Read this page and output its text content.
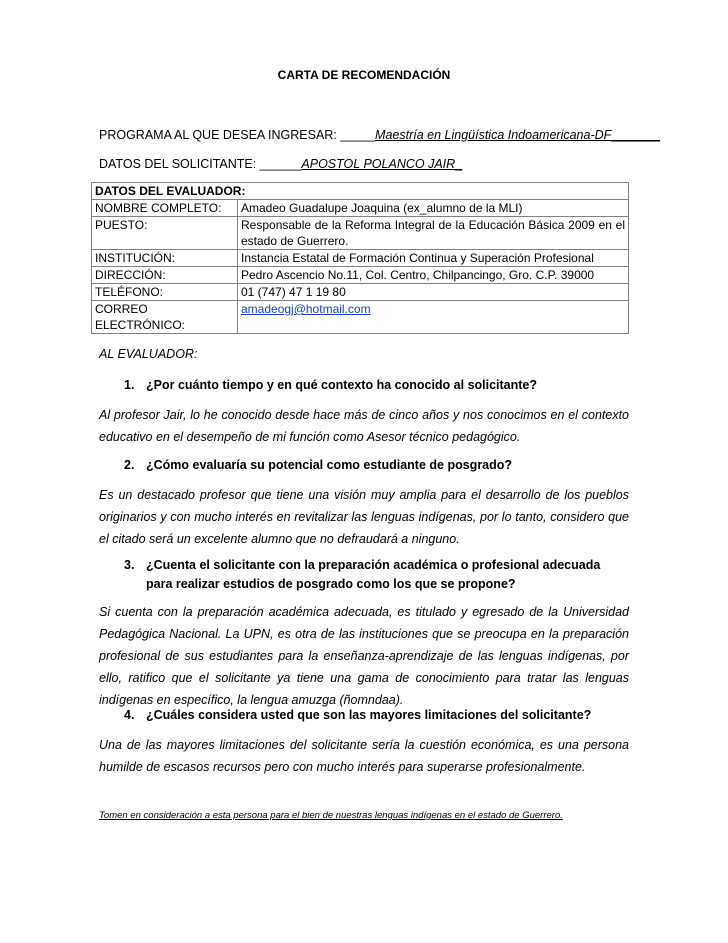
CARTA DE RECOMENDACIÓN
PROGRAMA AL QUE DESEA INGRESAR: _____Maestría en Lingüística Indoamericana-DF_______
DATOS DEL SOLICITANTE: ______APOSTOL POLANCO JAIR_
DATOS DEL EVALUADOR:	
NOMBRE COMPLETO:	Amadeo Guadalupe Joaquina (ex_alumno de la MLI)
PUESTO:	Responsable de la Reforma Integral de la Educación Básica 2009 en el estado de Guerrero.
INSTITUCIÓN:	Instancia Estatal de Formación Continua y Superación Profesional
DIRECCIÓN:	Pedro Ascencio No.11, Col. Centro, Chilpancingo, Gro. C.P. 39000
TELÉFONO:	01 (747) 47 1 19 80
CORREO ELECTRÓNICO:	amadeogj@hotmail.com
AL EVALUADOR:
1. ¿Por cuánto tiempo y en qué contexto ha conocido al solicitante?
Al profesor Jair, lo he conocido desde hace más de cinco años y nos conocimos en el contexto educativo en el desempeño de mi función como Asesor técnico pedagógico.
2. ¿Cómo evaluaría su potencial como estudiante de posgrado?
Es un destacado profesor que tiene una visión muy amplia para el desarrollo de los pueblos originarios y con mucho interés en revitalizar las lenguas indígenas, por lo tanto, considero que el citado será un excelente alumno que no defraudará a ninguno.
3. ¿Cuenta el solicitante con la preparación académica o profesional adecuada para realizar estudios de posgrado como los que se propone?
Si cuenta con la preparación académica adecuada, es titulado y egresado de la Universidad Pedagógica Nacional. La UPN, es otra de las instituciones que se preocupa en la preparación profesional de sus estudiantes para la enseñanza-aprendizaje de las lenguas indígenas, por ello, ratifico que el solicitante ya tiene una gama de conocimiento para tratar las lenguas indígenas en específico, la lengua amuzga (ñomndaa).
4. ¿Cuáles considera usted que son las mayores limitaciones del solicitante?
Una de las mayores limitaciones del solicitante sería la cuestión económica, es una persona humilde de escasos recursos pero con mucho interés para superarse profesionalmente.
Tomen en consideración a esta persona para el bien de nuestras lenguas indígenas en el estado de Guerrero.
